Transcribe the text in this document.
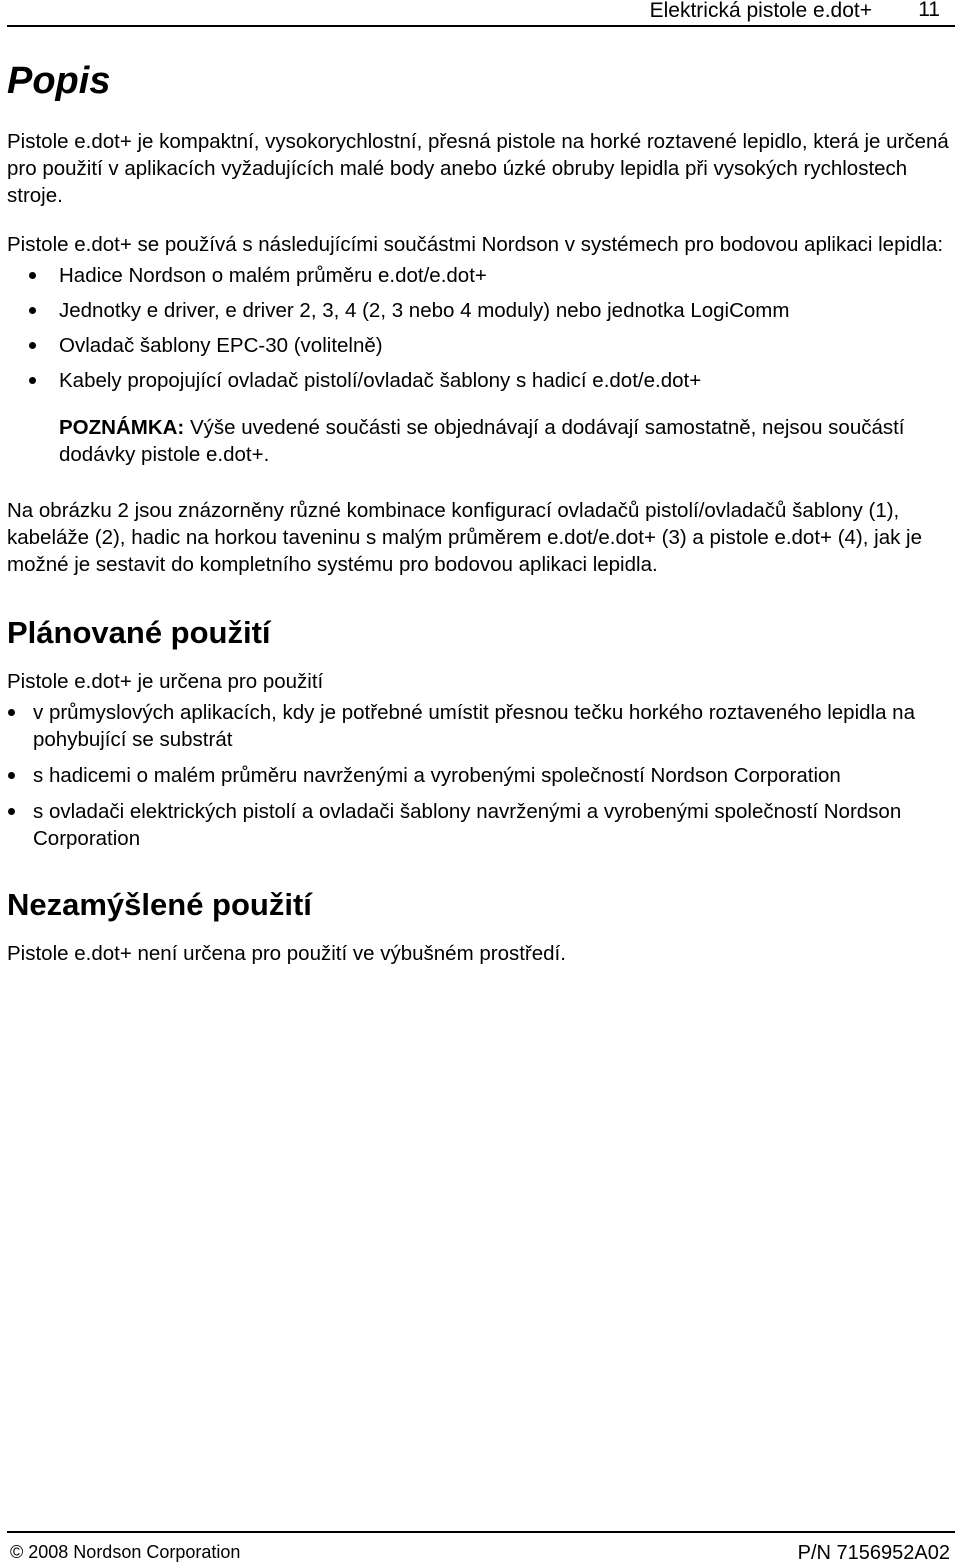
Elektrická pistole e.dot+ 11
Popis

Pistole e.dot+ je kompaktní, vysokorychlostní, přesná pistole na horké roztavené lepidlo, která je určená pro použití v aplikacích vyžadujících malé body anebo úzké obruby lepidla při vysokých rychlostech stroje.

Pistole e.dot+ se používá s následujícími součástmi Nordson v systémech pro bodovou aplikaci lepidla:

Hadice Nordson o malém průměru e.dot/e.dot+
Jednotky e driver, e driver 2, 3, 4 (2, 3 nebo 4 moduly) nebo jednotka LogiComm
Ovladač šablony EPC-30 (volitelně)
Kabely propojující ovladač pistolí/ovladač šablony s hadicí e.dot/e.dot+
POZNÁMKA: Výše uvedené součásti se objednávají a dodávají samostatně, nejsou součástí dodávky pistole e.dot+.

Na obrázku 2 jsou znázorněny různé kombinace konfigurací ovladačů pistolí/ovladačů šablony (1), kabeláže (2), hadic na horkou taveninu s malým průměrem e.dot/e.dot+ (3) a pistole e.dot+ (4), jak je možné je sestavit do kompletního systému pro bodovou aplikaci lepidla.

Plánované použití

Pistole e.dot+ je určena pro použití

v průmyslových aplikacích, kdy je potřebné umístit přesnou tečku horkého roztaveného lepidla na pohybující se substrát
s hadicemi o malém průměru navrženými a vyrobenými společností Nordson Corporation
s ovladači elektrických pistolí a ovladači šablony navrženými a vyrobenými společností Nordson Corporation
Nezamýšlené použití

Pistole e.dot+ není určena pro použití ve výbušném prostředí.

© 2008 Nordson Corporation	P/N 7156952A02
